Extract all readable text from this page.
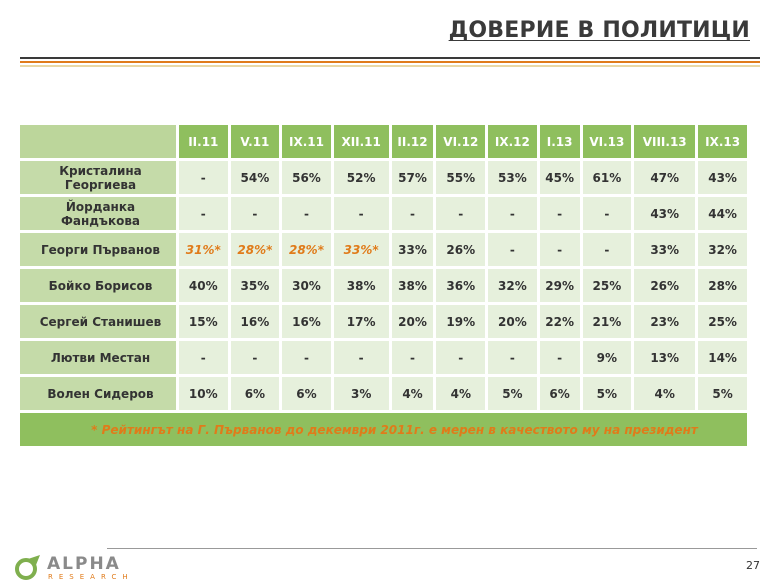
ДОВЕРИЕ В ПОЛИТИЦИ
	II.11	V.11	IX.11	XII.11	II.12	VI.12	IX.12	I.13	VI.13	VIII.13	IX.13
Кристалина Георгиева	-	54%	56%	52%	57%	55%	53%	45%	61%	47%	43%
Йорданка Фандъкова	-	-	-	-	-	-	-	-	-	43%	44%
Георги Първанов	31%*	28%*	28%*	33%*	33%	26%	-	-	-	33%	32%
Бойко Борисов	40%	35%	30%	38%	38%	36%	32%	29%	25%	26%	28%
Сергей Станишев	15%	16%	16%	17%	20%	19%	20%	22%	21%	23%	25%
Лютви Местан	-	-	-	-	-	-	-	-	9%	13%	14%
Волен Сидеров	10%	6%	6%	3%	4%	4%	5%	6%	5%	4%	5%
* Рейтингът на Г. Първанов до декември 2011г. е мерен в качеството му на президент											
ALPHA
RESEARCH
27
